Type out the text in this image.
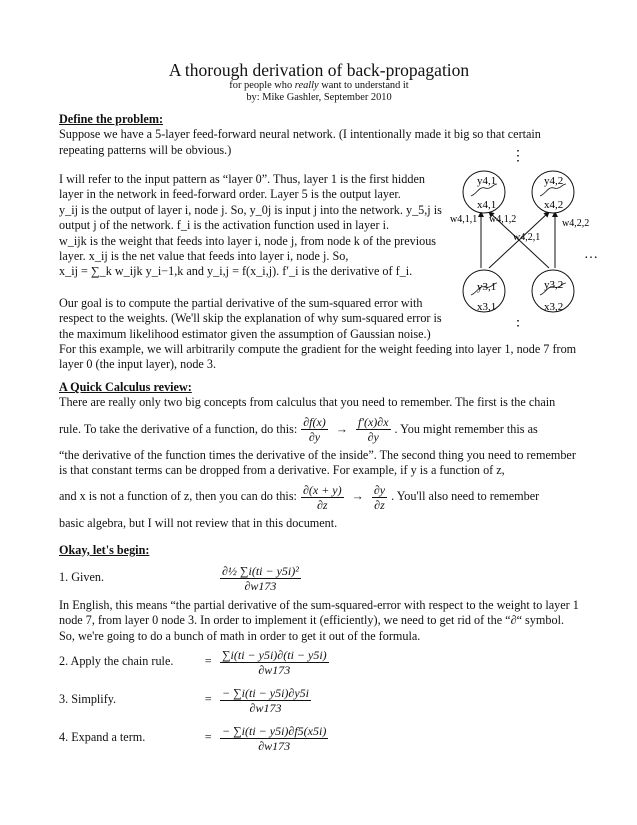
A thorough derivation of back-propagation
for people who really want to understand it
by: Mike Gashler, September 2010

Define the problem:

Suppose we have a 5-layer feed-forward neural network. (I intentionally made it big so that certain repeating patterns will be obvious.)

I will refer to the input pattern as “layer 0”. Thus, layer 1 is the first hidden layer in the network in feed-forward order. Layer 5 is the output layer.

y_ij is the output of layer i, node j. So, y_0j is input j into the network. y_5,j is output j of the network. f_i is the activation function used in layer i.

w_ijk is the weight that feeds into layer i, node j, from node k of the previous layer. x_ij is the net value that feeds into layer i, node j. So,

x_ij = ∑_k w_ijk y_i−1,k and y_i,j = f(x_i,j). f′_i is the derivative of f_i.

Our goal is to compute the partial derivative of the sum-squared error with respect to the weights. (We'll skip the explanation of why sum-squared error is the maximum likelihood estimator given the assumption of Gaussian noise.)

For this example, we will arbitrarily compute the gradient for the weight feeding into layer 1, node 7 from layer 0 (the input layer), node 3.

y4,1
x4,1
y4,2
x4,2
y3,1
x3,1
y3,2
x3,2
w4,1,1 w4,1,2
w4,2,1
w4,2,2
⋮
⋮
…

A Quick Calculus review:

There are really only two big concepts from calculus that you need to remember. The first is the chain

rule. To take the derivative of a function, do this: $\frac{\partial f(x)}{\partial y} \to \frac{f'(x)\partial x}{\partial y}$ . You might remember this as

“the derivative of the function times the derivative of the inside”. The second thing you need to remember is that constant terms can be dropped from a derivative. For example, if y is a function of z,

and x is not a function of z, then you can do this: $\frac{\partial(x + y)}{\partial z} \to \frac{\partial y}{\partial z}$ . You'll also need to remember

basic algebra, but I will not review that in this document.

Okay, let's begin:

1. Given.	$\frac{\text{∂½ ∑i(ti − y5i)²}}{\partial w173}$

In English, this means “the partial derivative of the sum-squared-error with respect to the weight to layer 1 node 7, from layer 0 node 3. In order to implement it (efficiently), we need to get rid of the “∂“ symbol. So, we're going to do a bunch of math in order to get it out of the formula.

2. Apply the chain rule.	= $\frac{\sum i(ti - y5i)\partial(ti - y5i)}{\partial w173}$
3. Simplify.	= $\frac{- \sum i(ti - y5i)\partial y5i}{\partial w173}$
4. Expand a term.	= $\frac{- \sum i(ti - y5i)\partial f5(x5i)}{\partial w173}$
